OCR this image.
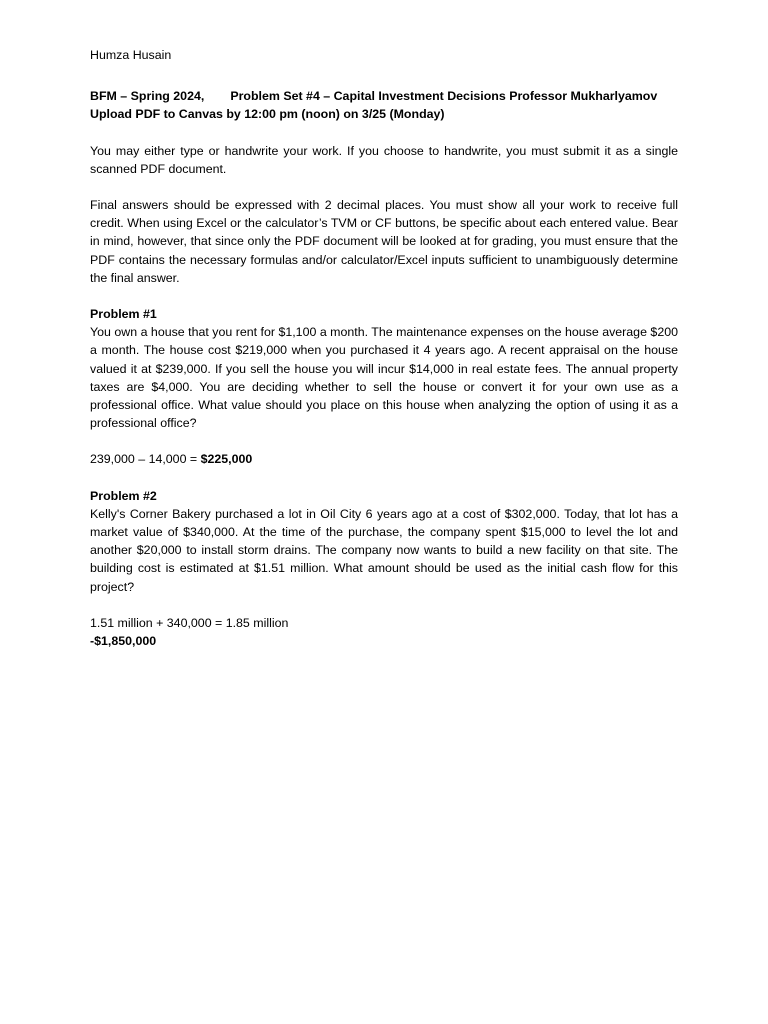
Humza Husain
BFM – Spring 2024, Problem Set #4 – Capital Investment Decisions Professor Mukharlyamov
Upload PDF to Canvas by 12:00 pm (noon) on 3/25 (Monday)

You may either type or handwrite your work. If you choose to handwrite, you must submit it as a single scanned PDF document.

Final answers should be expressed with 2 decimal places. You must show all your work to receive full credit. When using Excel or the calculator’s TVM or CF buttons, be specific about each entered value. Bear in mind, however, that since only the PDF document will be looked at for grading, you must ensure that the PDF contains the necessary formulas and/or calculator/Excel inputs sufficient to unambiguously determine the final answer.

Problem #1
You own a house that you rent for $1,100 a month. The maintenance expenses on the house average $200 a month. The house cost $219,000 when you purchased it 4 years ago. A recent appraisal on the house valued it at $239,000. If you sell the house you will incur $14,000 in real estate fees. The annual property taxes are $4,000. You are deciding whether to sell the house or convert it for your own use as a professional office. What value should you place on this house when analyzing the option of using it as a professional office?
239,000 – 14,000 = $225,000
Problem #2
Kelly's Corner Bakery purchased a lot in Oil City 6 years ago at a cost of $302,000. Today, that lot has a market value of $340,000. At the time of the purchase, the company spent $15,000 to level the lot and another $20,000 to install storm drains. The company now wants to build a new facility on that site. The building cost is estimated at $1.51 million. What amount should be used as the initial cash flow for this project?
1.51 million + 340,000 = 1.85 million
-$1,850,000
